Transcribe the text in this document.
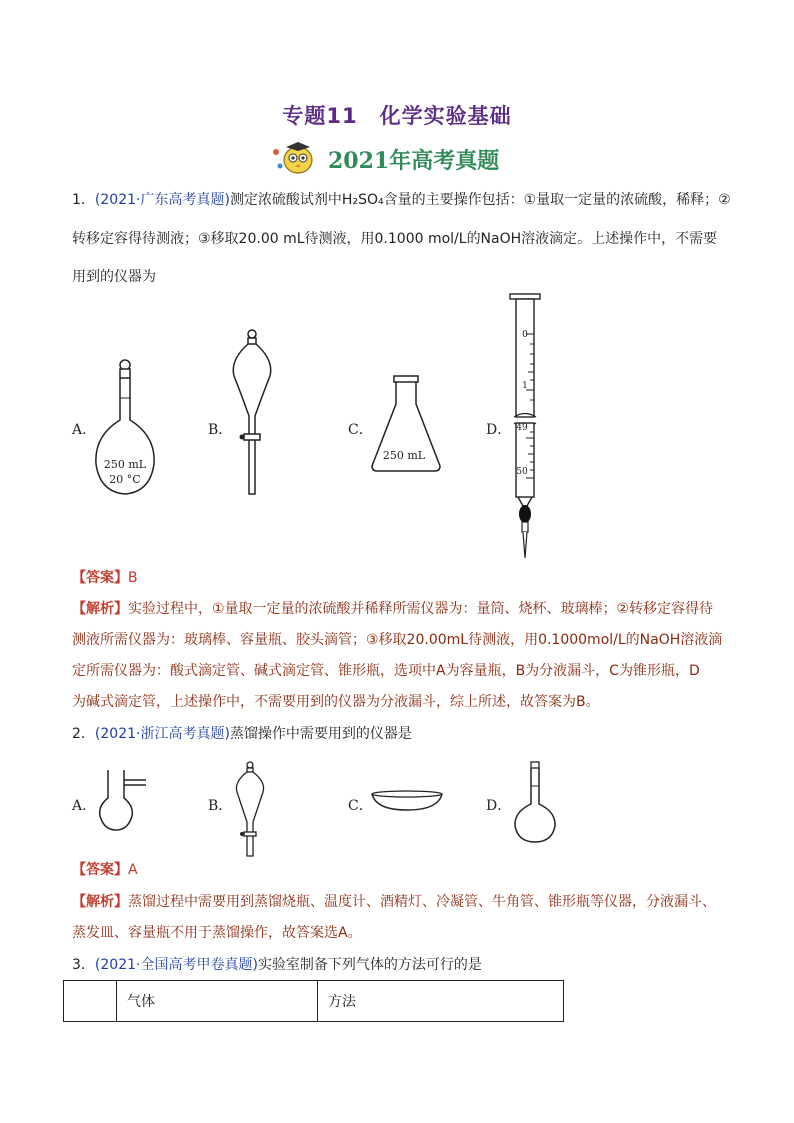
专题11　化学实验基础
2021年高考真题
1．(2021·广东高考真题)测定浓硫酸试剂中H₂SO₄含量的主要操作包括：①量取一定量的浓硫酸，稀释；②
转移定容得待测液；③移取20.00 mL待测液，用0.1000 mol/L的NaOH溶液滴定。上述操作中，不需要
用到的仪器为
A．	B．	C．	D．
250 mL
20 °C
250 mL
0
1
49
50
【答案】B
【解析】实验过程中，①量取一定量的浓硫酸并稀释所需仪器为：量筒、烧杯、玻璃棒；②转移定容得待
测液所需仪器为：玻璃棒、容量瓶、胶头滴管；③移取20.00mL待测液，用0.1000mol/L的NaOH溶液滴
定所需仪器为：酸式滴定管、碱式滴定管、锥形瓶，选项中A为容量瓶，B为分液漏斗，C为锥形瓶，D
为碱式滴定管，上述操作中，不需要用到的仪器为分液漏斗，综上所述，故答案为B。
2．(2021·浙江高考真题)蒸馏操作中需要用到的仪器是
A．	B．	C．	D．
【答案】A
【解析】蒸馏过程中需要用到蒸馏烧瓶、温度计、酒精灯、冷凝管、牛角管、锥形瓶等仪器，分液漏斗、
蒸发皿、容量瓶不用于蒸馏操作，故答案选A。
3．(2021·全国高考甲卷真题)实验室制备下列气体的方法可行的是
	气体	方法
